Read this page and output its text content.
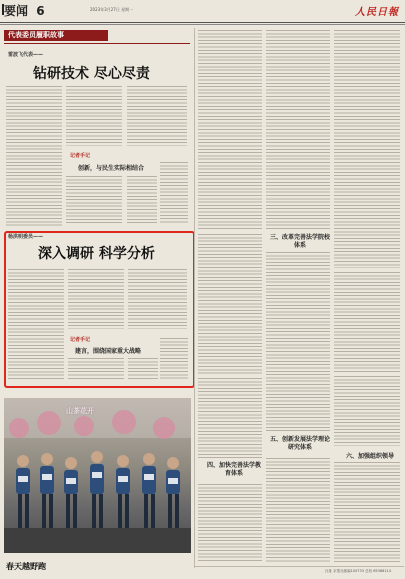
要闻 6	2023年3月27日 星期一	人民日報
代表委员履职故事
雷波飞代表——
钻研技术 尽心尽责
记者手记
创新，与民生实际相结合
杨洪明委员——
深入调研 科学分析
记者手记
建言，围绕国家重大战略
春天越野跑
三、改革完善法学院校体系
四、加快完善法学教育体系
五、创新发展法学理论研究体系
六、加强组织领导
社址 京报社邮编100733 总机 65368114
